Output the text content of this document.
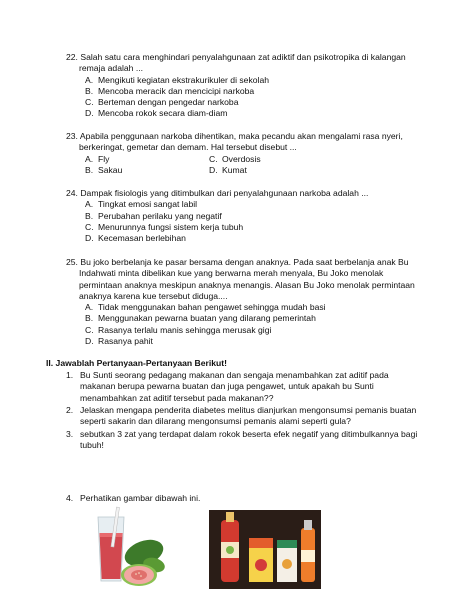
22. Salah satu cara menghindari penyalahgunaan zat adiktif dan psikotropika di kalangan
remaja adalah ...
A. Mengikuti kegiatan ekstrakurikuler di sekolah
B. Mencoba meracik dan mencicipi narkoba
C. Berteman dengan pengedar narkoba
D. Mencoba rokok secara diam-diam
23. Apabila penggunaan narkoba dihentikan, maka pecandu akan mengalami rasa nyeri,
berkeringat, gemetar dan demam. Hal tersebut disebut ...
A. Fly	C. Overdosis
B. Sakau	D. Kumat
24. Dampak fisiologis yang ditimbulkan dari penyalahgunaan narkoba adalah ...
A. Tingkat emosi sangat labil
B. Perubahan perilaku yang negatif
C. Menurunnya fungsi sistem kerja tubuh
D. Kecemasan berlebihan
25. Bu joko berbelanja ke pasar bersama dengan anaknya. Pada saat berbelanja anak Bu
Indahwati minta dibelikan kue yang berwarna merah menyala, Bu Joko menolak
permintaan anaknya meskipun anaknya menangis. Alasan Bu Joko menolak permintaan
anaknya karena kue tersebut diduga....
A. Tidak menggunakan bahan pengawet sehingga mudah basi
B. Menggunakan pewarna buatan yang dilarang pemerintah
C. Rasanya terlalu manis sehingga merusak gigi
D. Rasanya pahit
II. Jawablah Pertanyaan-Pertanyaan Berikut!
1. Bu Sunti seorang pedagang makanan dan sengaja menambahkan zat aditif pada
makanan berupa pewarna buatan dan juga pengawet, untuk apakah bu Sunti
menambahkan zat aditif tersebut pada makanan??
2. Jelaskan mengapa penderita diabetes melitus dianjurkan mengonsumsi pemanis buatan
seperti sakarin dan dilarang mengonsumsi pemanis alami seperti gula?
3. sebutkan 3 zat yang terdapat dalam rokok beserta efek negatif yang ditimbulkannya bagi
tubuh!
4. Perhatikan gambar dibawah ini.
